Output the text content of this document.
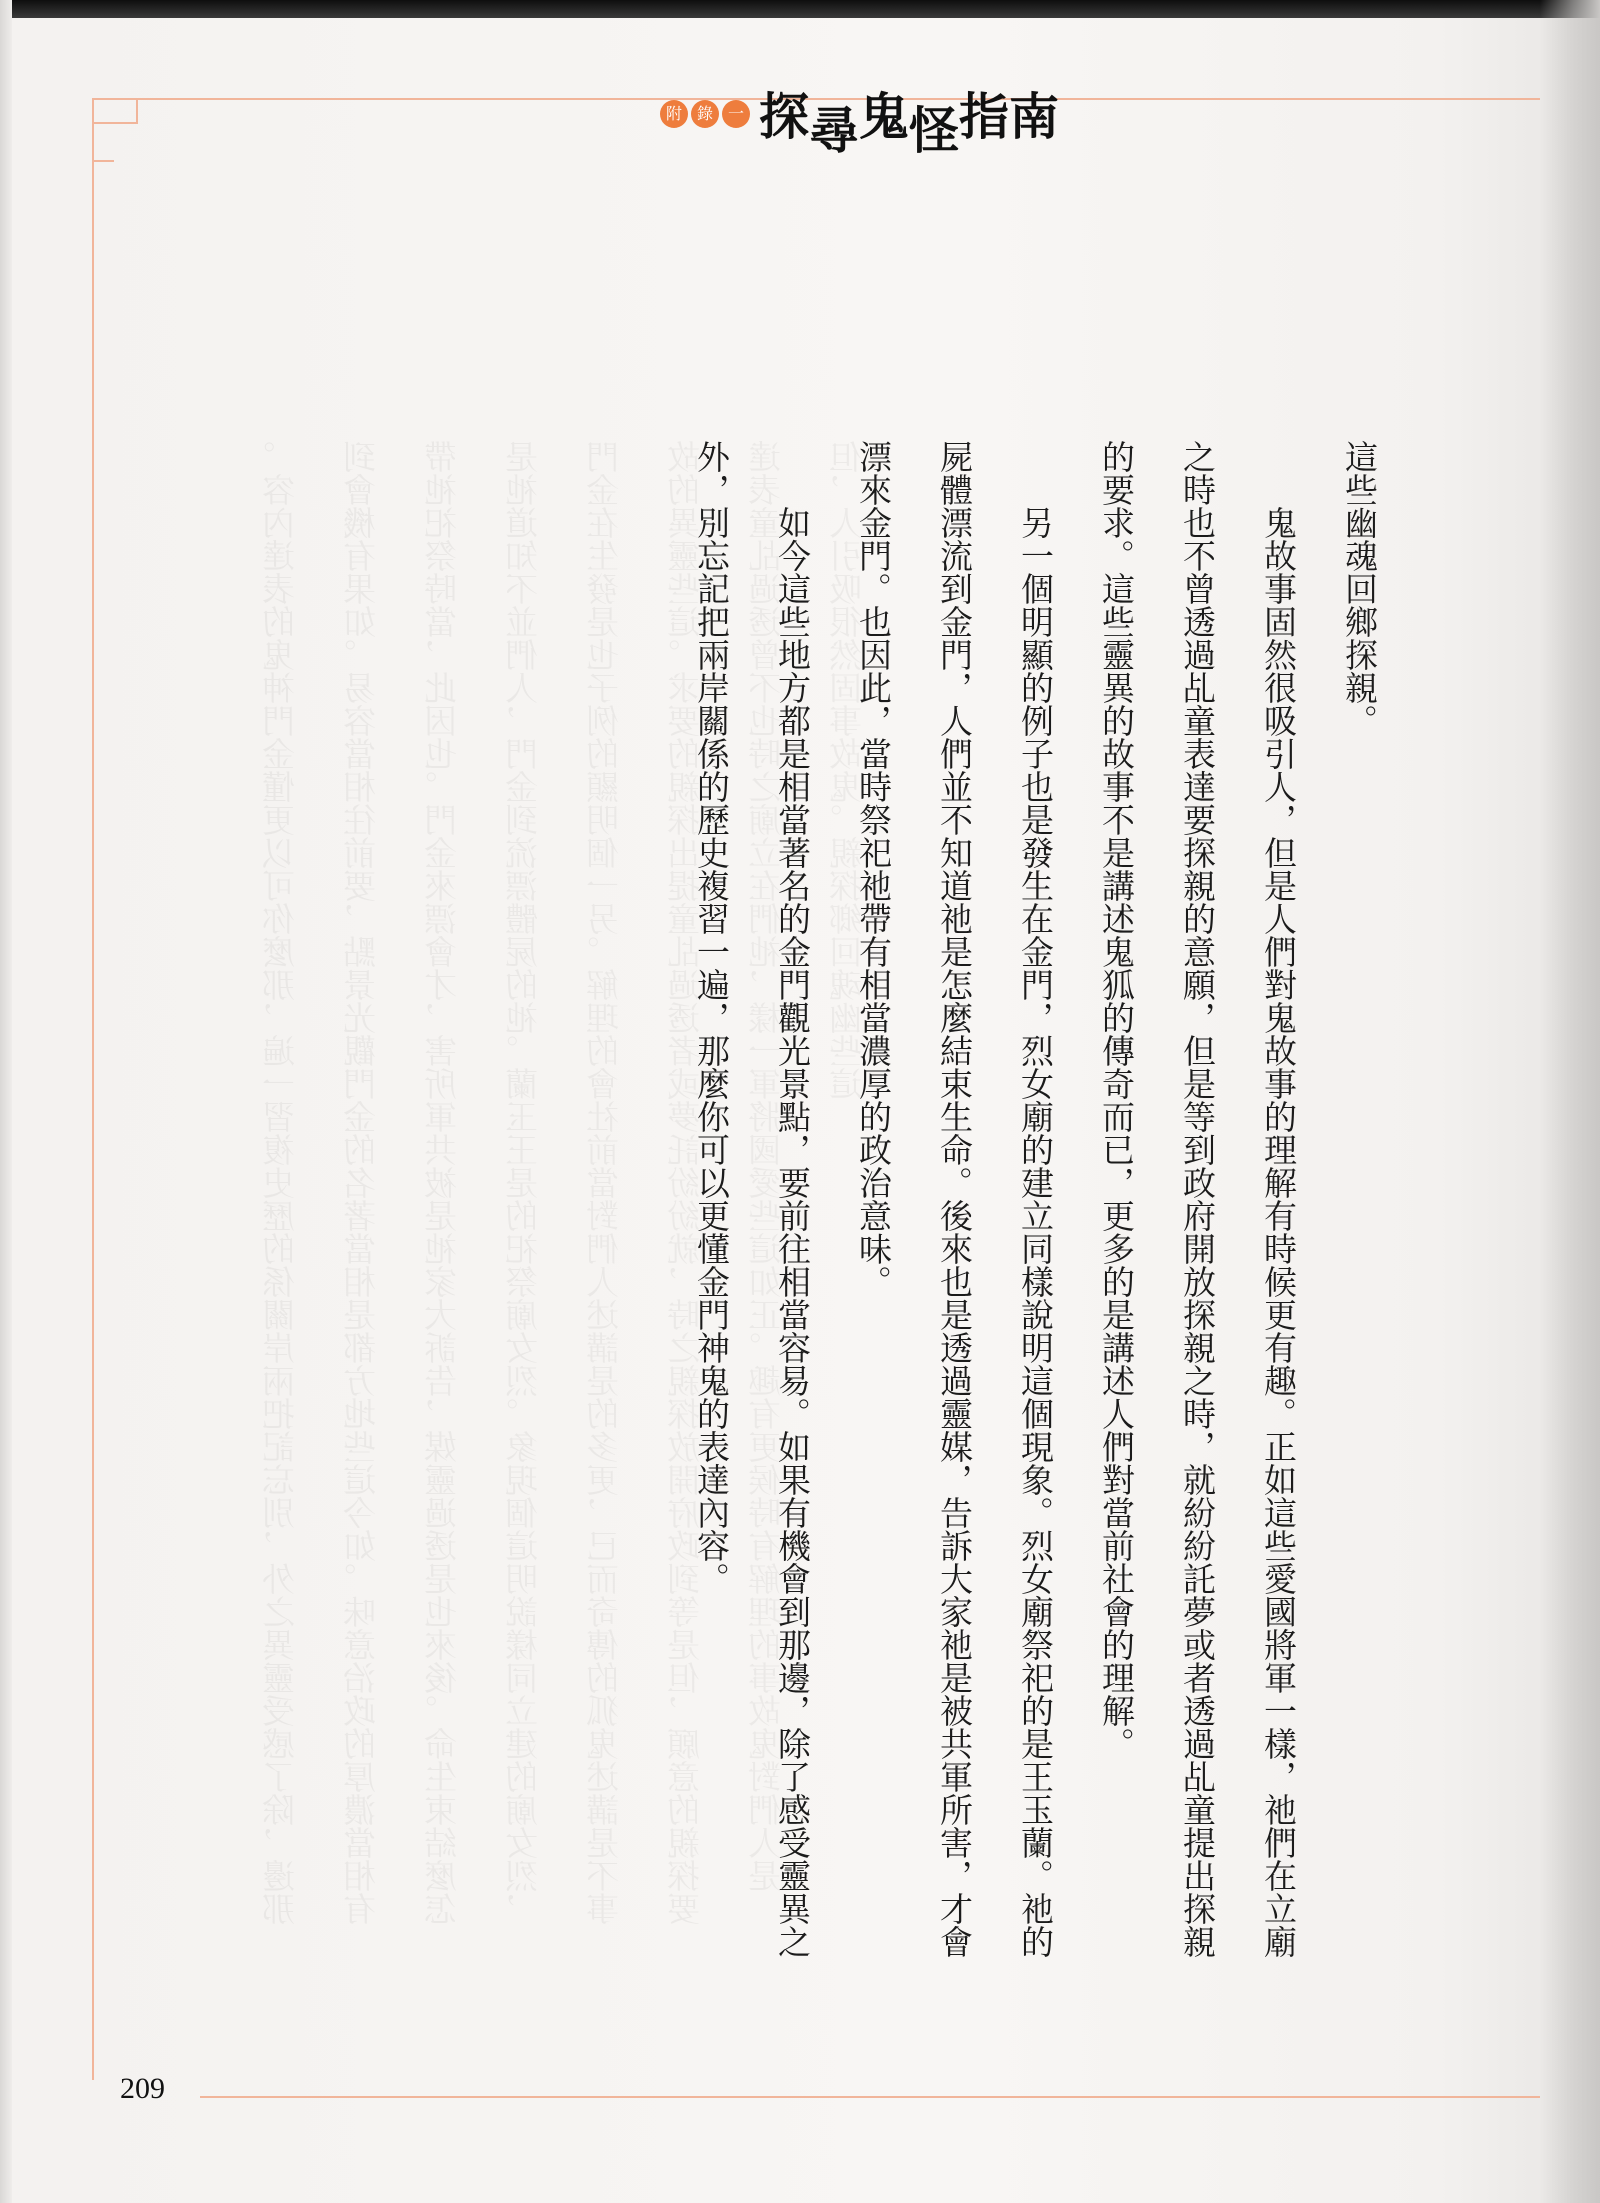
附 錄 一 探 尋 鬼 怪 指 南

這些幽魂回鄉探親。

鬼故事固然很吸引人，但是人們對鬼故事的理解有時候更有趣。正如這些愛國將軍一樣，祂們在立廟之時也不曾透過乩童表達要探親的意願，但是等到政府開放探親之時，就紛紛託夢或者透過乩童提出探親的要求。這些靈異的故事不是講述鬼狐的傳奇而已，更多的是講述人們對當前社會的理解。

另一個明顯的例子也是發生在金門，烈女廟的建立同樣說明這個現象。烈女廟祭祀的是王玉蘭。祂的屍體漂流到金門，人們並不知道祂是怎麼結束生命。後來也是透過靈媒，告訴大家祂是被共軍所害，才會漂來金門。也因此，當時祭祀祂帶有相當濃厚的政治意味。

如今這些地方都是相當著名的金門觀光景點，要前往相當容易。如果有機會到那邊，除了感受靈異之外，別忘記把兩岸關係的歷史複習一遍，那麼你可以更懂金門神鬼的表達內容。

209
